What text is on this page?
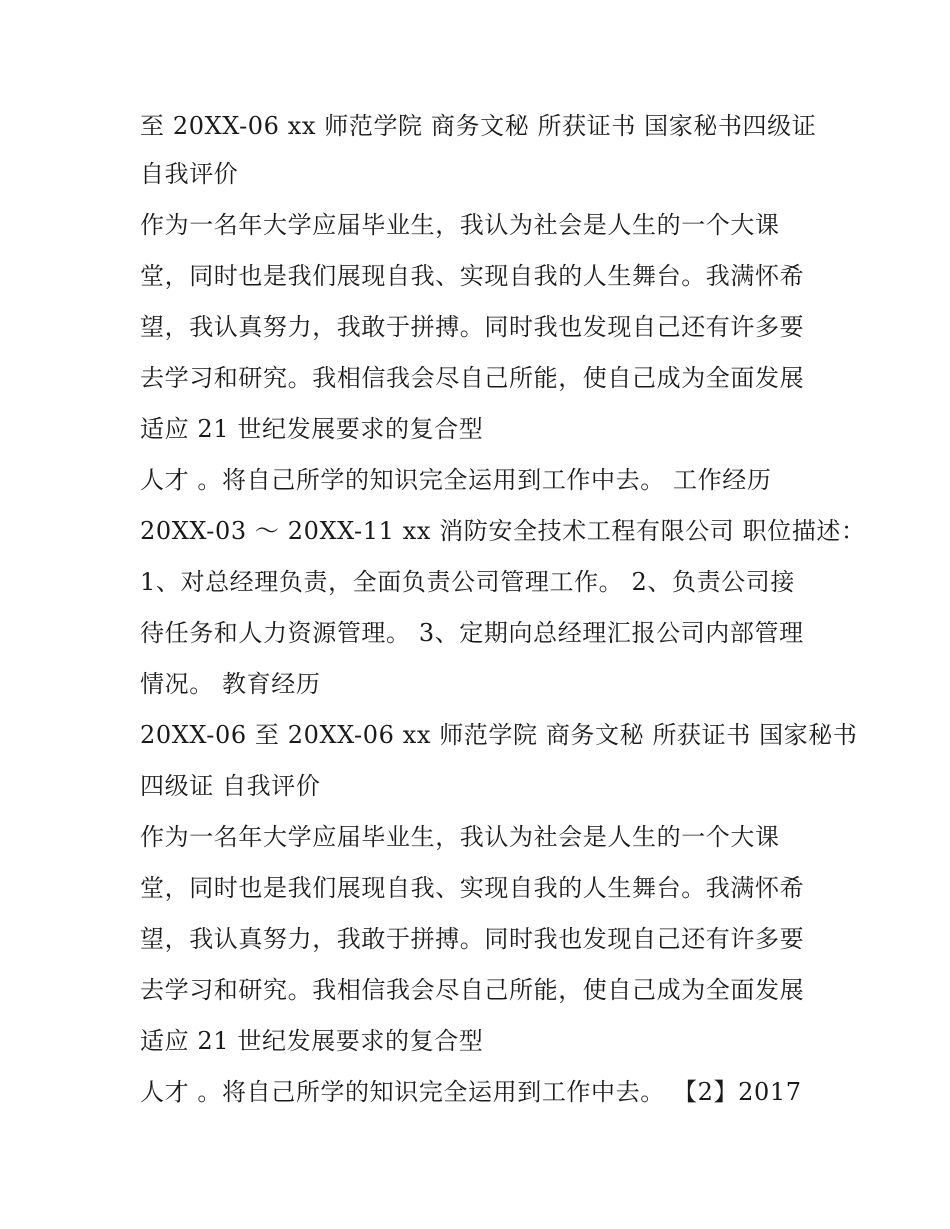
至 20XX-06 xx 师范学院 商务文秘 所获证书 国家秘书四级证
自我评价
作为一名年大学应届毕业生，我认为社会是人生的一个大课
堂，同时也是我们展现自我、实现自我的人生舞台。我满怀希
望，我认真努力，我敢于拼搏。同时我也发现自己还有许多要
去学习和研究。我相信我会尽自己所能，使自己成为全面发展
适应 21 世纪发展要求的复合型
人才 。将自己所学的知识完全运用到工作中去。 工作经历
20XX-03 ～ 20XX-11 xx 消防安全技术工程有限公司 职位描述：
1、对总经理负责，全面负责公司管理工作。 2、负责公司接
待任务和人力资源管理。 3、定期向总经理汇报公司内部管理
情况。 教育经历
20XX-06 至 20XX-06 xx 师范学院 商务文秘 所获证书 国家秘书
四级证 自我评价
作为一名年大学应届毕业生，我认为社会是人生的一个大课
堂，同时也是我们展现自我、实现自我的人生舞台。我满怀希
望，我认真努力，我敢于拼搏。同时我也发现自己还有许多要
去学习和研究。我相信我会尽自己所能，使自己成为全面发展
适应 21 世纪发展要求的复合型
人才 。将自己所学的知识完全运用到工作中去。 【2】2017
